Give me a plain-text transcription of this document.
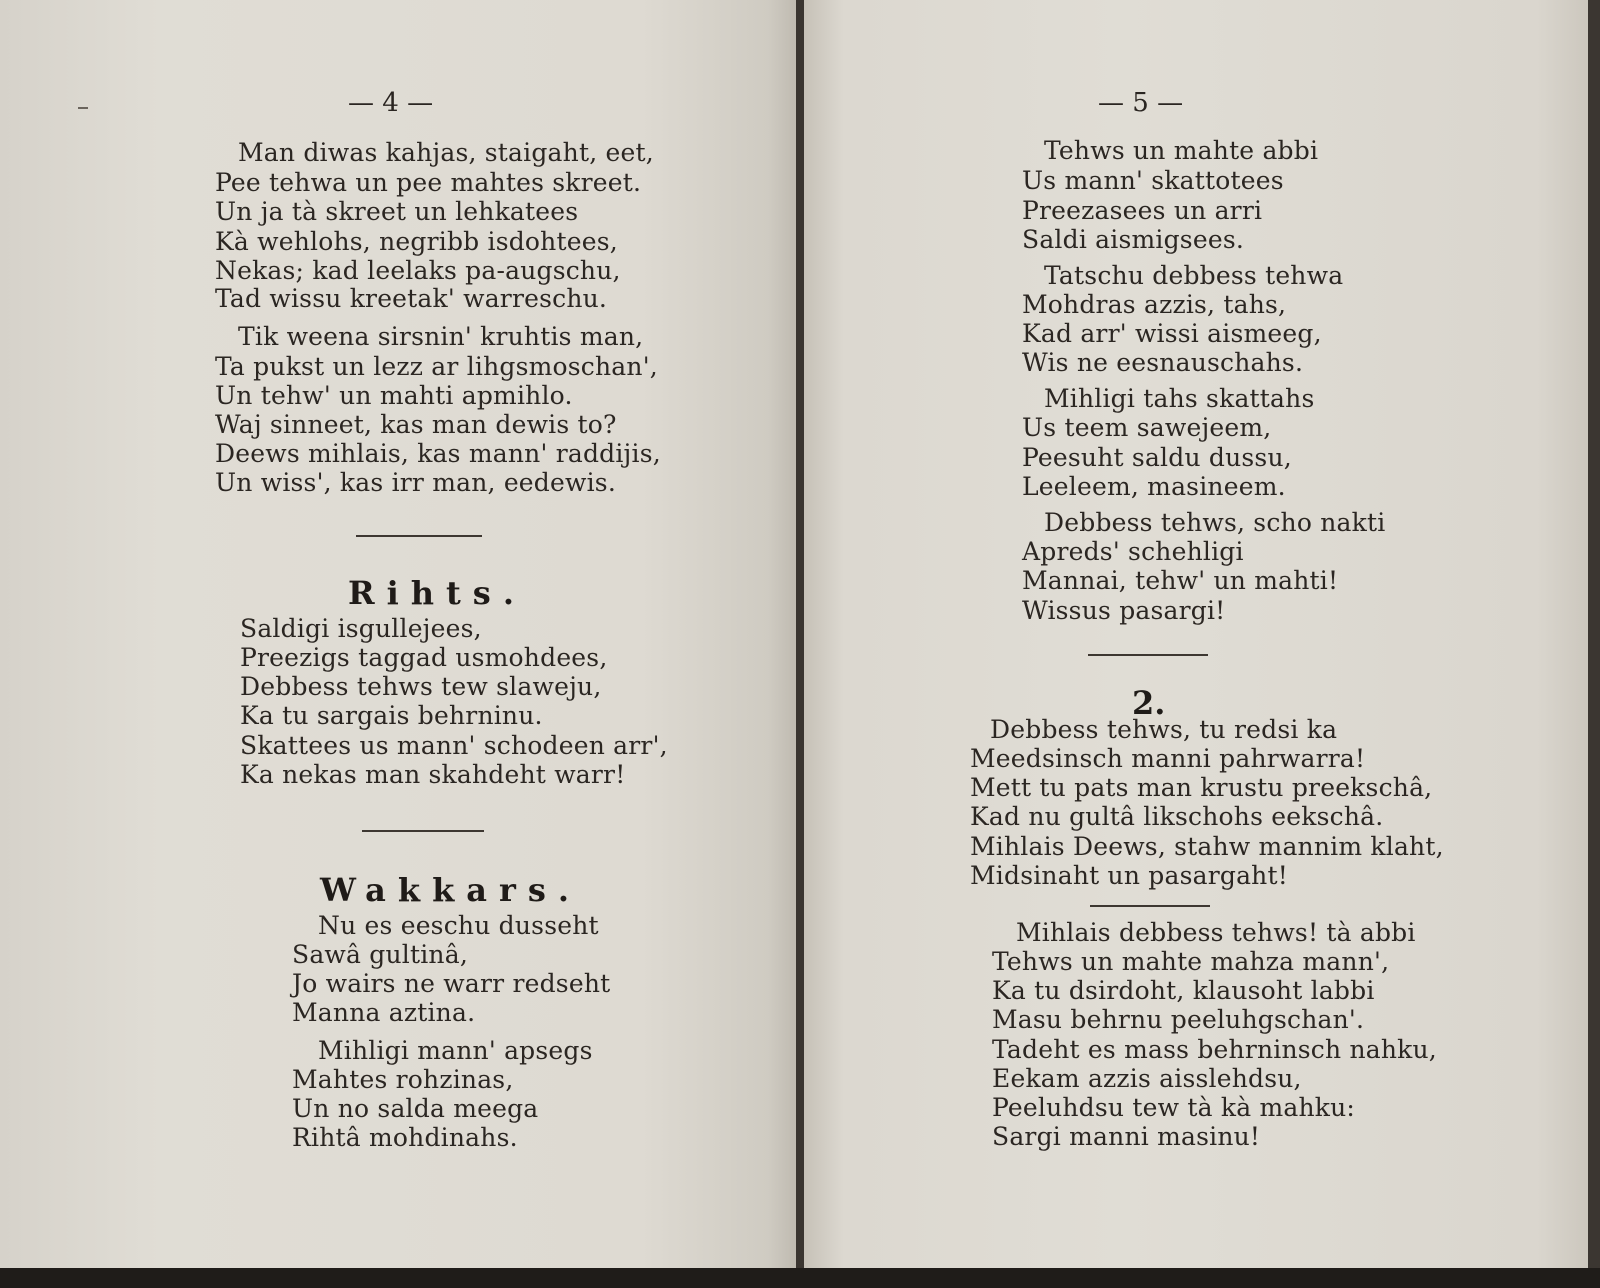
— 4 —
Man diwas kahjas, staigaht, eet,
Pee tehwa un pee mahtes skreet.
Un ja tà skreet un lehkatees
Kà wehlohs, negribb isdohtees,
Nekas; kad leelaks pa-augschu,
Tad wissu kreetak' warreschu.
Tik weena sirsnin' kruhtis man,
Ta pukst un lezz ar lihgsmoschan',
Un tehw' un mahti apmihlo.
Waj sinneet, kas man dewis to?
Deews mihlais, kas mann' raddijis,
Un wiss', kas irr man, eedewis.
Rihts.
Saldigi isgullejees,
Preezigs taggad usmohdees,
Debbess tehws tew slaweju,
Ka tu sargais behrninu.
Skattees us mann' schodeen arr',
Ka nekas man skahdeht warr!
Wakkars.
Nu es eeschu dusseht
Sawâ gultinâ,
Jo wairs ne warr redseht
Manna aztina.
Mihligi mann' apsegs
Mahtes rohzinas,
Un no salda meega
Rihtâ mohdinahs.
— 5 —
Tehws un mahte abbi
Us mann' skattotees
Preezasees un arri
Saldi aismigsees.
Tatschu debbess tehwa
Mohdras azzis, tahs,
Kad arr' wissi aismeeg,
Wis ne eesnauschahs.
Mihligi tahs skattahs
Us teem sawejeem,
Peesuht saldu dussu,
Leeleem, masineem.
Debbess tehws, scho nakti
Apreds' schehligi
Mannai, tehw' un mahti!
Wissus pasargi!
2.
Debbess tehws, tu redsi ka
Meedsinsch manni pahrwarra!
Mett tu pats man krustu preekschâ,
Kad nu gultâ likschohs eekschâ.
Mihlais Deews, stahw mannim klaht,
Midsinaht un pasargaht!
Mihlais debbess tehws! tà abbi
Tehws un mahte mahza mann',
Ka tu dsirdoht, klausoht labbi
Masu behrnu peeluhgschan'.
Tadeht es mass behrninsch nahku,
Eekam azzis aisslehdsu,
Peeluhdsu tew tà kà mahku:
Sargi manni masinu!
